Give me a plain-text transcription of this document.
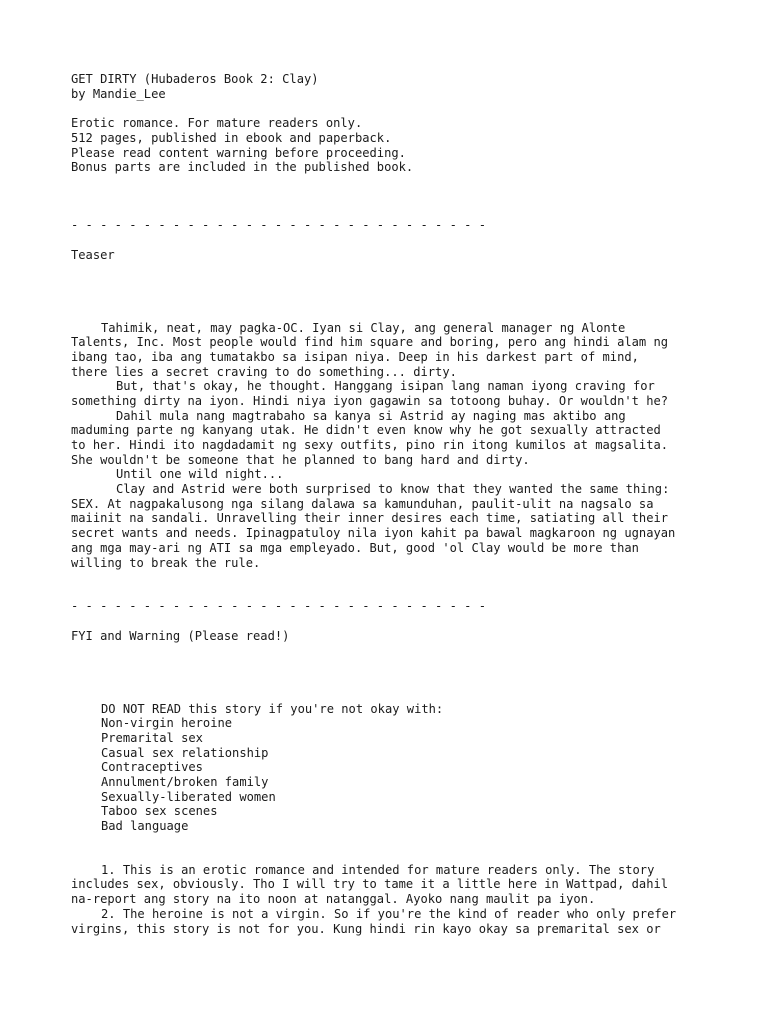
GET DIRTY (Hubaderos Book 2: Clay)
by Mandie_Lee
Erotic romance. For mature readers only.
512 pages, published in ebook and paperback.
Please read content warning before proceeding.
Bonus parts are included in the published book.
- - - - - - - - - - - - - - - - - - - - - - - - - - - - -
Teaser
Tahimik, neat, may pagka-OC. Iyan si Clay, ang general manager ng Alonte
Talents, Inc. Most people would find him square and boring, pero ang hindi alam ng
ibang tao, iba ang tumatakbo sa isipan niya. Deep in his darkest part of mind,
there lies a secret craving to do something... dirty.
But, that's okay, he thought. Hanggang isipan lang naman iyong craving for
something dirty na iyon. Hindi niya iyon gagawin sa totoong buhay. Or wouldn't he?
Dahil mula nang magtrabaho sa kanya si Astrid ay naging mas aktibo ang
maduming parte ng kanyang utak. He didn't even know why he got sexually attracted
to her. Hindi ito nagdadamit ng sexy outfits, pino rin itong kumilos at magsalita.
She wouldn't be someone that he planned to bang hard and dirty.
Until one wild night...
Clay and Astrid were both surprised to know that they wanted the same thing:
SEX. At nagpakalusong nga silang dalawa sa kamunduhan, paulit-ulit na nagsalo sa
maiinit na sandali. Unravelling their inner desires each time, satiating all their
secret wants and needs. Ipinagpatuloy nila iyon kahit pa bawal magkaroon ng ugnayan
ang mga may-ari ng ATI sa mga empleyado. But, good 'ol Clay would be more than
willing to break the rule.
- - - - - - - - - - - - - - - - - - - - - - - - - - - - -
FYI and Warning (Please read!)
DO NOT READ this story if you're not okay with:
Non-virgin heroine
Premarital sex
Casual sex relationship
Contraceptives
Annulment/broken family
Sexually-liberated women
Taboo sex scenes
Bad language
1. This is an erotic romance and intended for mature readers only. The story
includes sex, obviously. Tho I will try to tame it a little here in Wattpad, dahil
na-report ang story na ito noon at natanggal. Ayoko nang maulit pa iyon.
2. The heroine is not a virgin. So if you're the kind of reader who only prefer
virgins, this story is not for you. Kung hindi rin kayo okay sa premarital sex or
